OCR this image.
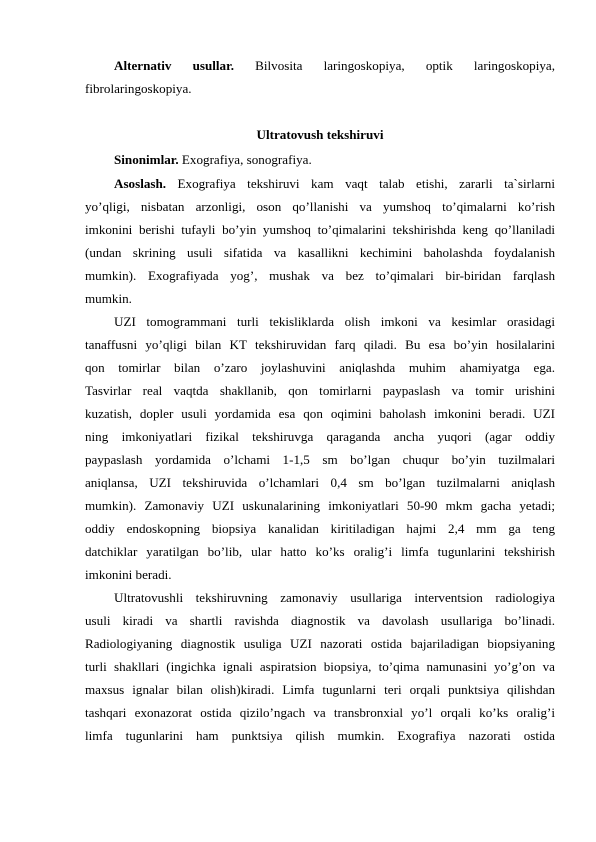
Alternativ usullar. Bilvosita laringoskopiya, optik laringoskopiya,
fibrolaringoskopiya.
Ultratovush tekshiruvi
Sinonimlar. Exografiya, sonografiya.
Asoslash. Exografiya tekshiruvi kam vaqt talab etishi, zararli ta`sirlarni
yo’qligi, nisbatan arzonligi, oson qo’llanishi va yumshoq to’qimalarni ko’rish
imkonini berishi tufayli bo’yin yumshoq to’qimalarini tekshirishda keng qo’llaniladi
(undan skrining usuli sifatida va kasallikni kechimini baholashda foydalanish
mumkin). Exografiyada yog’, mushak va bez to’qimalari bir-biridan farqlash
mumkin.
UZI tomogrammani turli tekisliklarda olish imkoni va kesimlar orasidagi
tanaffusni yo’qligi bilan KT tekshiruvidan farq qiladi. Bu esa bo’yin hosilalarini
qon tomirlar bilan o’zaro joylashuvini aniqlashda muhim ahamiyatga ega.
Tasvirlar real vaqtda shakllanib, qon tomirlarni paypaslash va tomir urishini
kuzatish, dopler usuli yordamida esa qon oqimini baholash imkonini beradi. UZI
ning imkoniyatlari fizikal tekshiruvga qaraganda ancha yuqori (agar oddiy
paypaslash yordamida o’lchami 1-1,5 sm bo’lgan chuqur bo’yin tuzilmalari
aniqlansa, UZI tekshiruvida o’lchamlari 0,4 sm bo’lgan tuzilmalarni aniqlash
mumkin). Zamonaviy UZI uskunalarining imkoniyatlari 50-90 mkm gacha yetadi;
oddiy endoskopning biopsiya kanalidan kiritiladigan hajmi 2,4 mm ga teng
datchiklar yaratilgan bo’lib, ular hatto ko’ks oralig’i limfa tugunlarini tekshirish
imkonini beradi.
Ultratovushli tekshiruvning zamonaviy usullariga interventsion radiologiya
usuli kiradi va shartli ravishda diagnostik va davolash usullariga bo’linadi.
Radiologiyaning diagnostik usuliga UZI nazorati ostida bajariladigan biopsiyaning
turli shakllari (ingichka ignali aspiratsion biopsiya, to’qima namunasini yo’g’on va
maxsus ignalar bilan olish)kiradi. Limfa tugunlarni teri orqali punktsiya qilishdan
tashqari exonazorat ostida qizilo’ngach va transbronxial yo’l orqali ko’ks oralig’i
limfa tugunlarini ham punktsiya qilish mumkin. Exografiya nazorati ostida
